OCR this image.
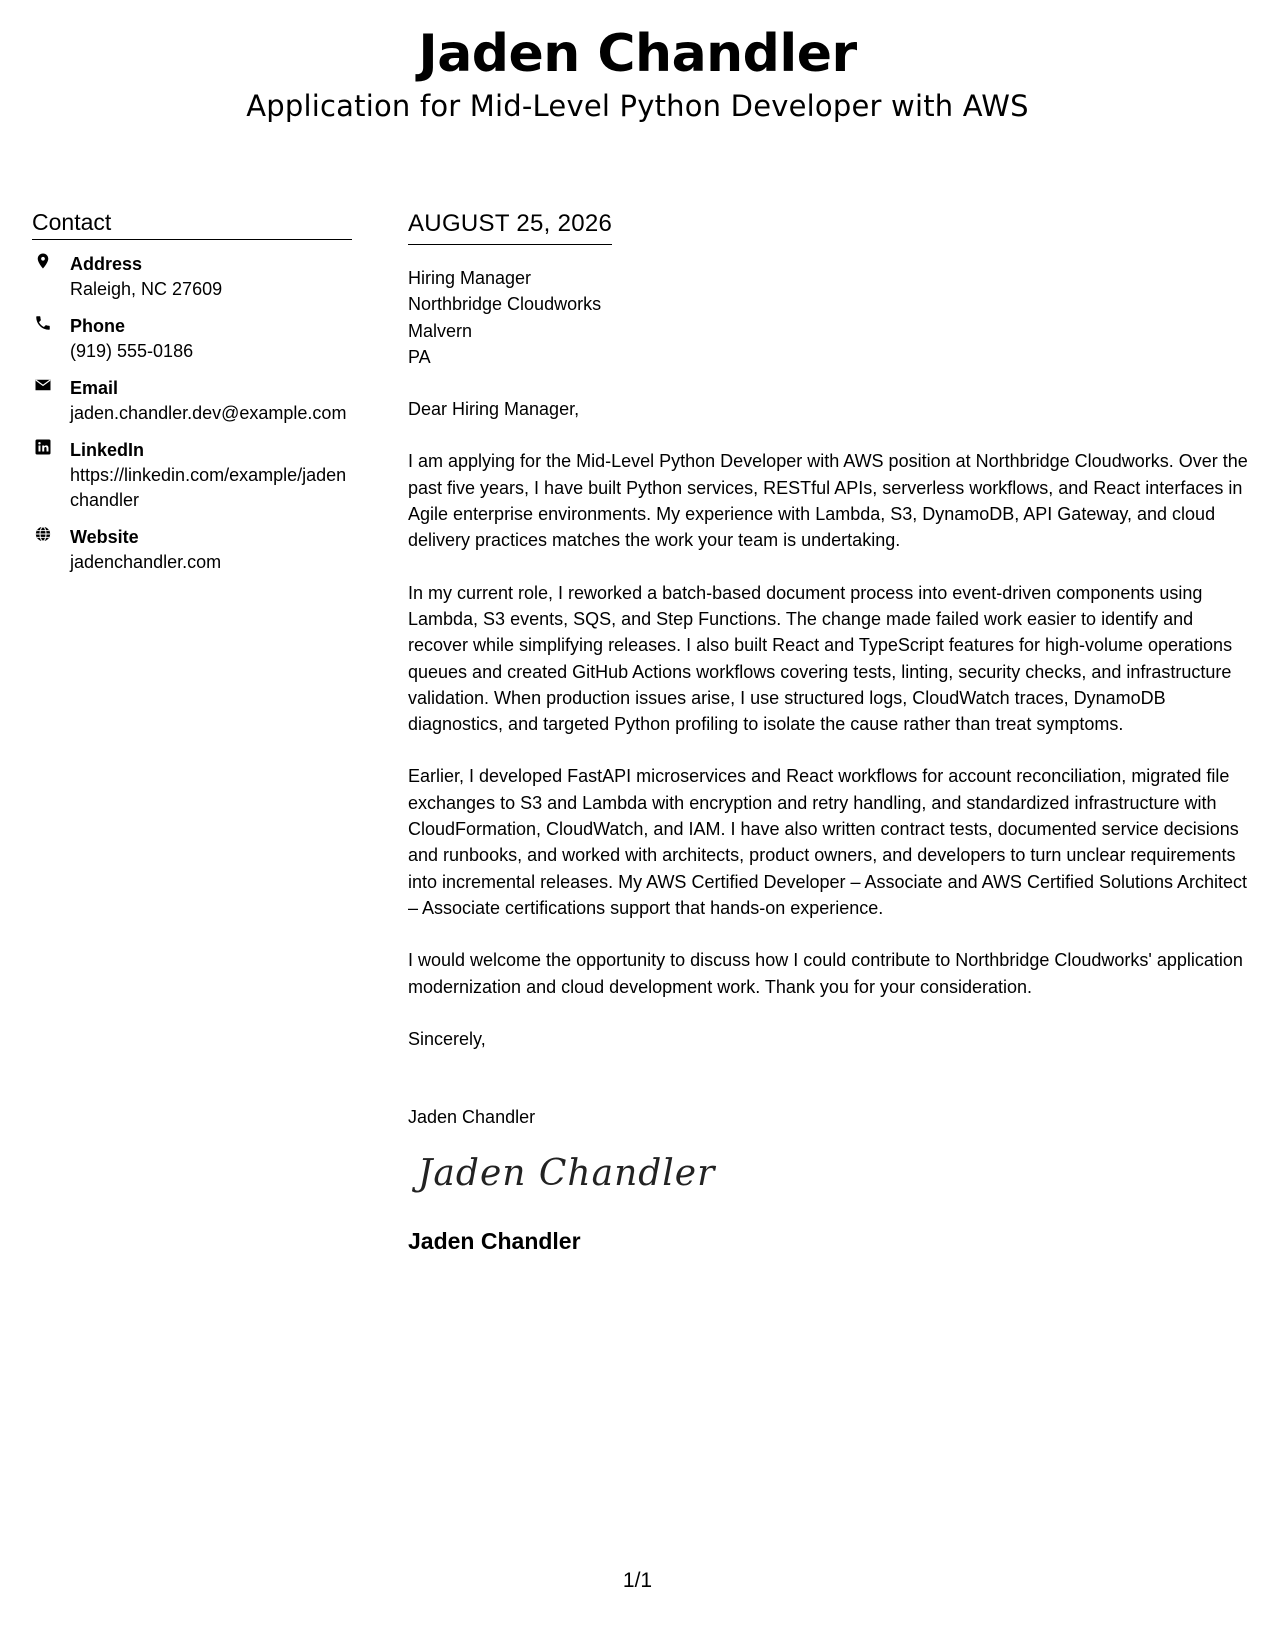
Jaden Chandler
Application for Mid-Level Python Developer with AWS
Contact
Address
Raleigh, NC 27609
Phone
(919) 555-0186
Email
jaden.chandler.dev@example.com
LinkedIn
https://linkedin.com/example/jadenchandler
Website
jadenchandler.com
AUGUST 25, 2026
Hiring Manager
Northbridge Cloudworks
Malvern
PA

Dear Hiring Manager,

I am applying for the Mid-Level Python Developer with AWS position at Northbridge Cloudworks. Over the past five years, I have built Python services, RESTful APIs, serverless workflows, and React interfaces in Agile enterprise environments. My experience with Lambda, S3, DynamoDB, API Gateway, and cloud delivery practices matches the work your team is undertaking.

In my current role, I reworked a batch-based document process into event-driven components using Lambda, S3 events, SQS, and Step Functions. The change made failed work easier to identify and recover while simplifying releases. I also built React and TypeScript features for high-volume operations queues and created GitHub Actions workflows covering tests, linting, security checks, and infrastructure validation. When production issues arise, I use structured logs, CloudWatch traces, DynamoDB diagnostics, and targeted Python profiling to isolate the cause rather than treat symptoms.

Earlier, I developed FastAPI microservices and React workflows for account reconciliation, migrated file exchanges to S3 and Lambda with encryption and retry handling, and standardized infrastructure with CloudFormation, CloudWatch, and IAM. I have also written contract tests, documented service decisions and runbooks, and worked with architects, product owners, and developers to turn unclear requirements into incremental releases. My AWS Certified Developer – Associate and AWS Certified Solutions Architect – Associate certifications support that hands-on experience.

I would welcome the opportunity to discuss how I could contribute to Northbridge Cloudworks' application modernization and cloud development work. Thank you for your consideration.

Sincerely,

Jaden Chandler

Jaden Chandler
Jaden Chandler
1/1
